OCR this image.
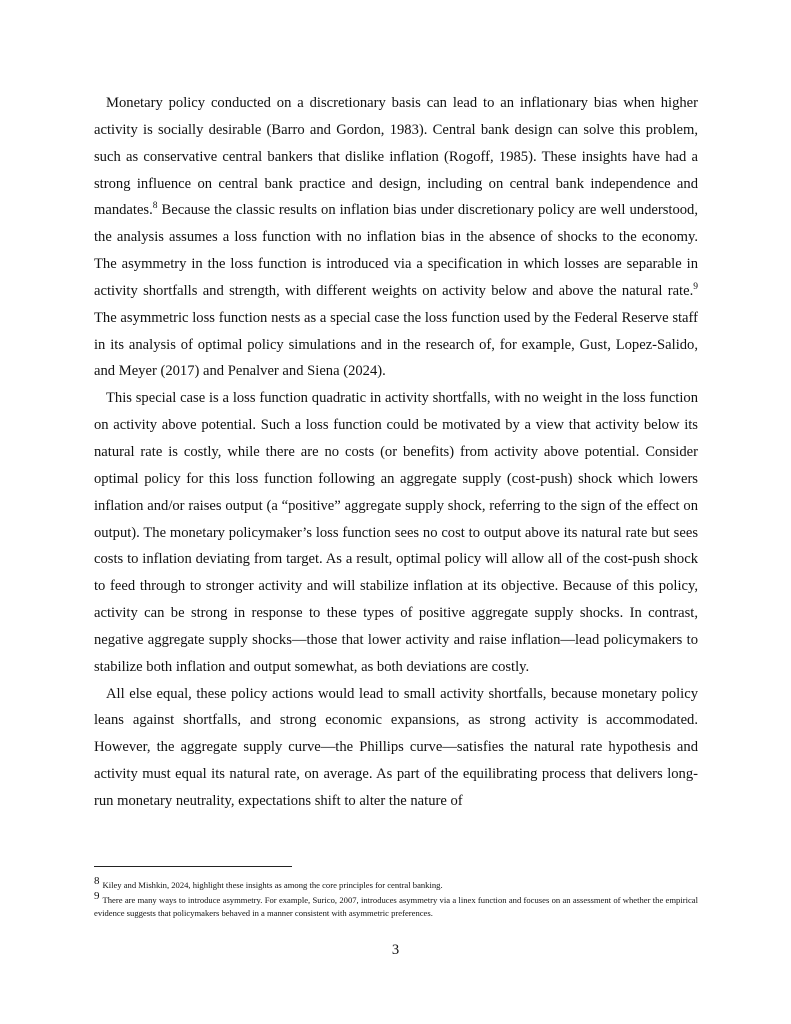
Monetary policy conducted on a discretionary basis can lead to an inflationary bias when higher activity is socially desirable (Barro and Gordon, 1983). Central bank design can solve this problem, such as conservative central bankers that dislike inflation (Rogoff, 1985). These insights have had a strong influence on central bank practice and design, including on central bank independence and mandates.$^8$ Because the classic results on inflation bias under discretionary policy are well understood, the analysis assumes a loss function with no inflation bias in the absence of shocks to the economy. The asymmetry in the loss function is introduced via a specification in which losses are separable in activity shortfalls and strength, with different weights on activity below and above the natural rate.$^9$ The asymmetric loss function nests as a special case the loss function used by the Federal Reserve staff in its analysis of optimal policy simulations and in the research of, for example, Gust, Lopez-Salido, and Meyer (2017) and Penalver and Siena (2024).

This special case is a loss function quadratic in activity shortfalls, with no weight in the loss function on activity above potential. Such a loss function could be motivated by a view that activity below its natural rate is costly, while there are no costs (or benefits) from activity above potential. Consider optimal policy for this loss function following an aggregate supply (cost-push) shock which lowers inflation and/or raises output (a “positive” aggregate supply shock, referring to the sign of the effect on output). The monetary policymaker’s loss function sees no cost to output above its natural rate but sees costs to inflation deviating from target. As a result, optimal policy will allow all of the cost-push shock to feed through to stronger activity and will stabilize inflation at its objective. Because of this policy, activity can be strong in response to these types of positive aggregate supply shocks. In contrast, negative aggregate supply shocks—those that lower activity and raise inflation—lead policymakers to stabilize both inflation and output somewhat, as both deviations are costly.

All else equal, these policy actions would lead to small activity shortfalls, because monetary policy leans against shortfalls, and strong economic expansions, as strong activity is accommodated. However, the aggregate supply curve—the Phillips curve—satisfies the natural rate hypothesis and activity must equal its natural rate, on average. As part of the equilibrating process that delivers long-run monetary neutrality, expectations shift to alter the nature of

8 Kiley and Mishkin, 2024, highlight these insights as among the core principles for central banking.

9 There are many ways to introduce asymmetry. For example, Surico, 2007, introduces asymmetry via a linex function and focuses on an assessment of whether the empirical evidence suggests that policymakers behaved in a manner consistent with asymmetric preferences.

3
